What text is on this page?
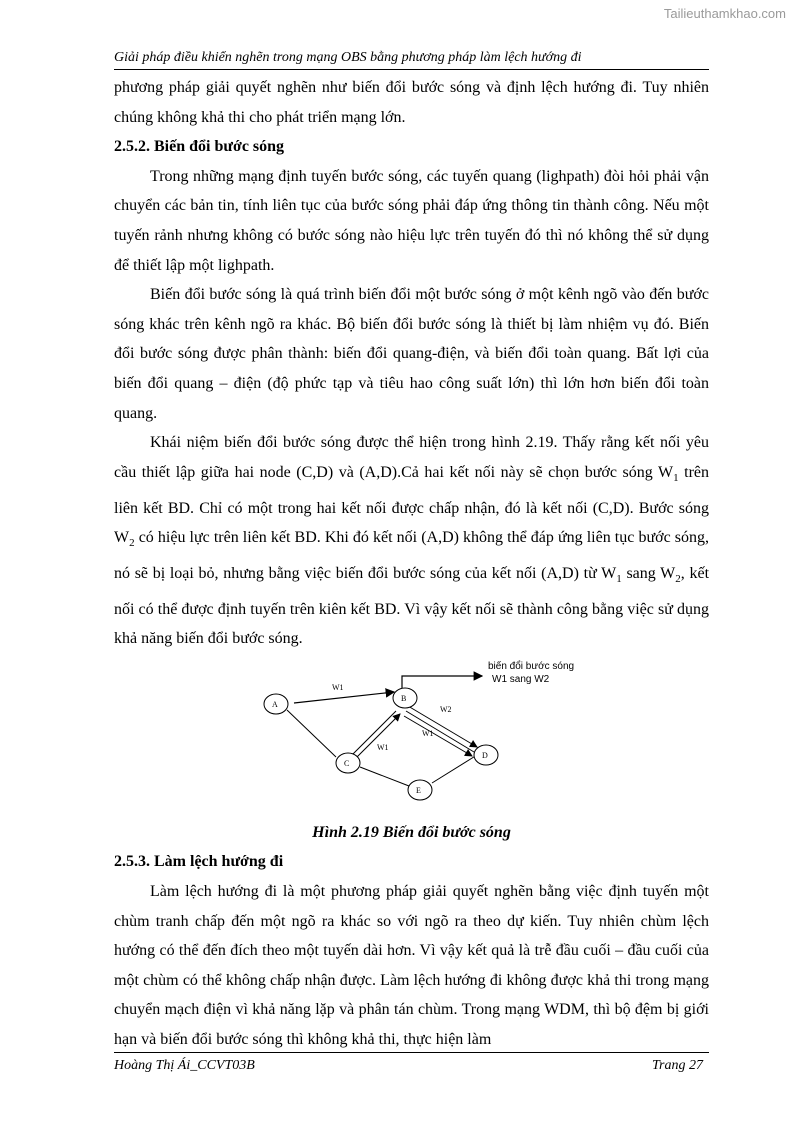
Tailieuthamkhao.com
Giải pháp điều khiển nghẽn trong mạng OBS bằng phương pháp làm lệch hướng đi

phương pháp giải quyết nghẽn như biến đổi bước sóng và định lệch hướng đi. Tuy nhiên chúng không khả thi cho phát triển mạng lớn.

2.5.2. Biến đổi bước sóng

Trong những mạng định tuyến bước sóng, các tuyến quang (lighpath) đòi hỏi phải vận chuyển các bản tin, tính liên tục của bước sóng phải đáp ứng thông tin thành công. Nếu một tuyến rảnh nhưng không có bước sóng nào hiệu lực trên tuyến đó thì nó không thể sử dụng để thiết lập một lighpath.

Biến đổi bước sóng là quá trình biến đổi một bước sóng ở một kênh ngõ vào đến bước sóng khác trên kênh ngõ ra khác. Bộ biến đổi bước sóng là thiết bị làm nhiệm vụ đó. Biến đổi bước sóng được phân thành: biến đổi quang-điện, và biến đổi toàn quang. Bất lợi của biến đổi quang – điện (độ phức tạp và tiêu hao công suất lớn) thì lớn hơn biến đổi toàn quang.

Khái niệm biến đổi bước sóng được thể hiện trong hình 2.19. Thấy rằng kết nối yêu cầu thiết lập giữa hai node (C,D) và (A,D).Cả hai kết nối này sẽ chọn bước sóng $W_1$ trên liên kết BD. Chỉ có một trong hai kết nối được chấp nhận, đó là kết nối (C,D). Bước sóng $W_2$ có hiệu lực trên liên kết BD. Khi đó kết nối (A,D) không thể đáp ứng liên tục bước sóng, nó sẽ bị loại bỏ, nhưng bằng việc biến đổi bước sóng của kết nối (A,D) từ $W_1$ sang $W_2$, kết nối có thể được định tuyến trên kiên kết BD. Vì vậy kết nối sẽ thành công bằng việc sử dụng khả năng biến đổi bước sóng.

biến đổi bước sóng
W1 sang W2
W1
W2
W1
W1
A
B
C
D
E

Hình 2.19 Biến đổi bước sóng

2.5.3. Làm lệch hướng đi

Làm lệch hướng đi là một phương pháp giải quyết nghẽn bằng việc định tuyến một chùm tranh chấp đến một ngõ ra khác so với ngõ ra theo dự kiến. Tuy nhiên chùm lệch hướng có thể đến đích theo một tuyến dài hơn. Vì vậy kết quả là trễ đầu cuối – đầu cuối của một chùm có thể không chấp nhận được. Làm lệch hướng đi không được khả thi trong mạng chuyển mạch điện vì khả năng lặp và phân tán chùm. Trong mạng WDM, thì bộ đệm bị giới hạn và biến đổi bước sóng thì không khả thi, thực hiện làm

Hoàng Thị Ái_CCVT03B	Trang 27
